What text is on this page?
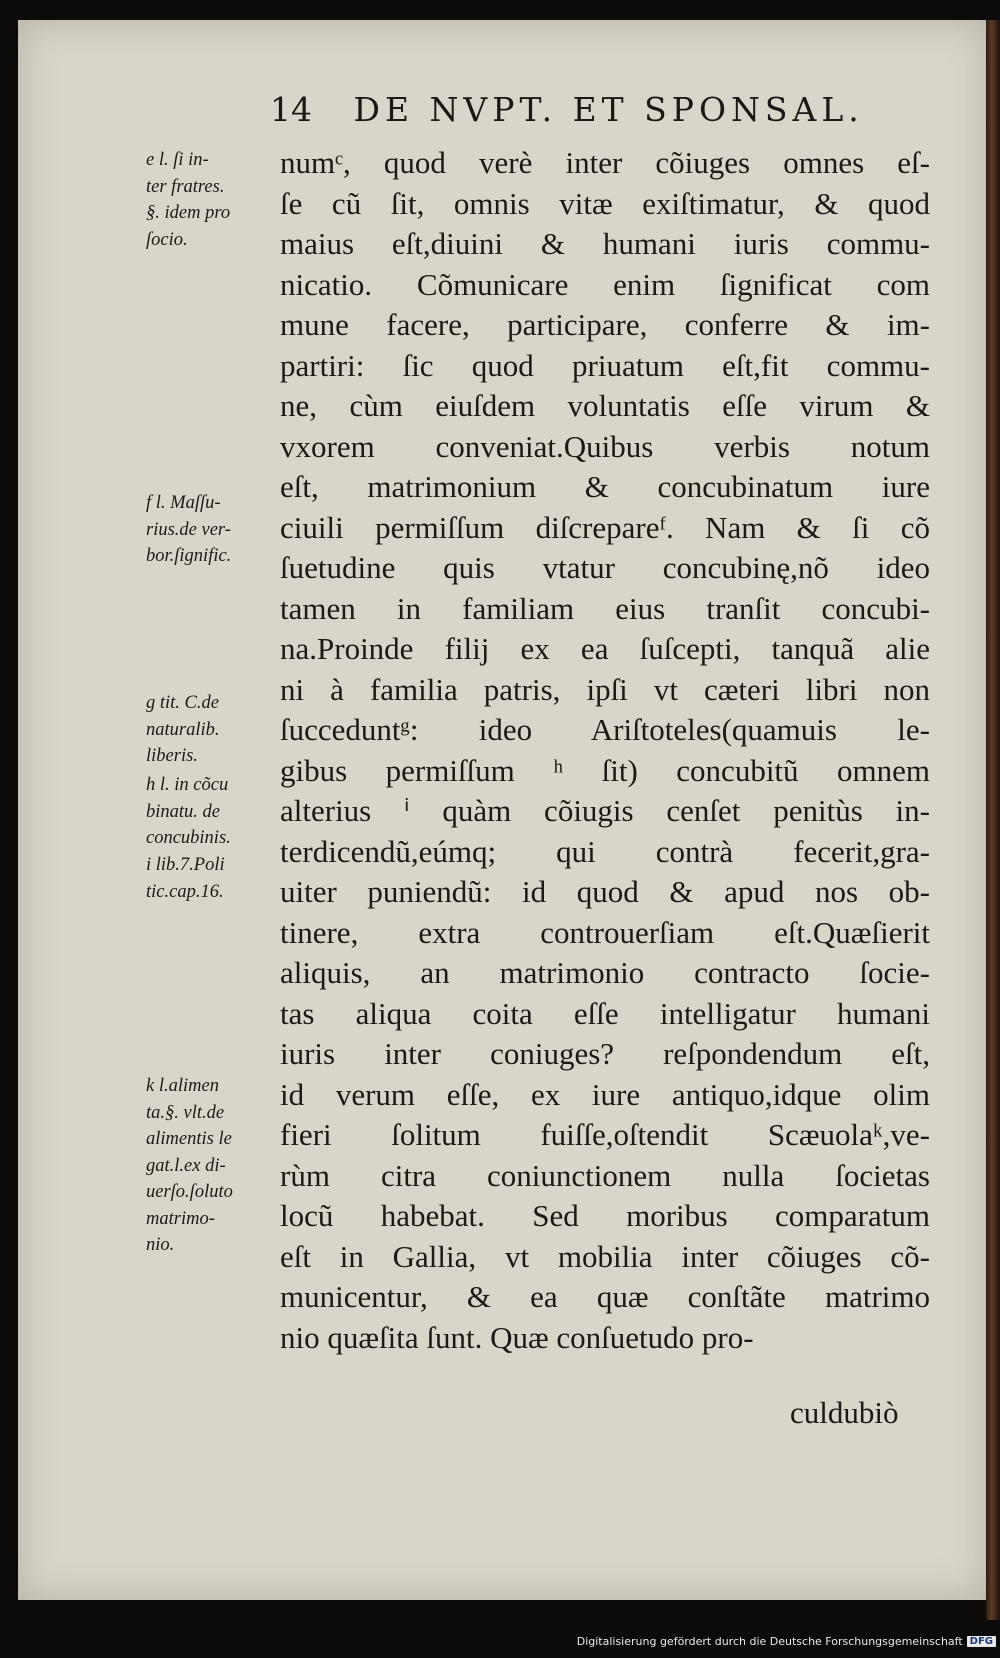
14 DE NVPT. ET SPONSAL.
numᶜ, quod verè inter cõiuges omnes eſ-
ſe cũ ſit, omnis vitæ exiſtimatur, & quod
maius eſt,diuini & humani iuris commu-
nicatio. Cõmunicare enim ſignificat com
mune facere, participare, conferre & im-
partiri: ſic quod priuatum eſt,fit commu-
ne, cùm eiuſdem voluntatis eſſe virum &
vxorem conveniat.Quibus verbis notum
eſt, matrimonium & concubinatum iure
ciuili permiſſum diſcrepareᶠ. Nam & ſi cõ
ſuetudine quis vtatur concubinę,nõ ideo
tamen in familiam eius tranſit concubi-
na.Proinde filij ex ea ſuſcepti, tanquã alie
ni à familia patris, ipſi vt cæteri libri non
ſucceduntᵍ: ideo Ariſtoteles(quamuis le-
gibus permiſſum ʰ ſit) concubitũ omnem
alterius ⁱ quàm cõiugis cenſet penitùs in-
terdicendũ,eúmq; qui contrà fecerit,gra-
uiter puniendũ: id quod & apud nos ob-
tinere, extra controuerſiam eſt.Quæſierit
aliquis, an matrimonio contracto ſocie-
tas aliqua coita eſſe intelligatur humani
iuris inter coniuges? reſpondendum eſt,
id verum eſſe, ex iure antiquo,idque olim
fieri ſolitum fuiſſe,oſtendit Scæuolaᵏ,ve-
rùm citra coniunctionem nulla ſocietas
locũ habebat. Sed moribus comparatum
eſt in Gallia, vt mobilia inter cõiuges cõ-
municentur, & ea quæ conſtãte matrimo
nio quæſita ſunt. Quæ conſuetudo pro-
culdubiò
e l. ſi in-
ter fratres.
§. idem pro
ſocio.
f l. Maſſu-
rius.de ver-
bor.ſignific.
g tit. C.de
naturalib.
liberis.
h l. in cõcu
binatu. de
concubinis.
i lib.7.Poli
tic.cap.16.
k l.alimen
ta.§. vlt.de
alimentis le
gat.l.ex di-
uerſo.ſoluto
matrimo-
nio.
Digitalisierung gefördert durch die Deutsche Forschungsgemeinschaft DFG
